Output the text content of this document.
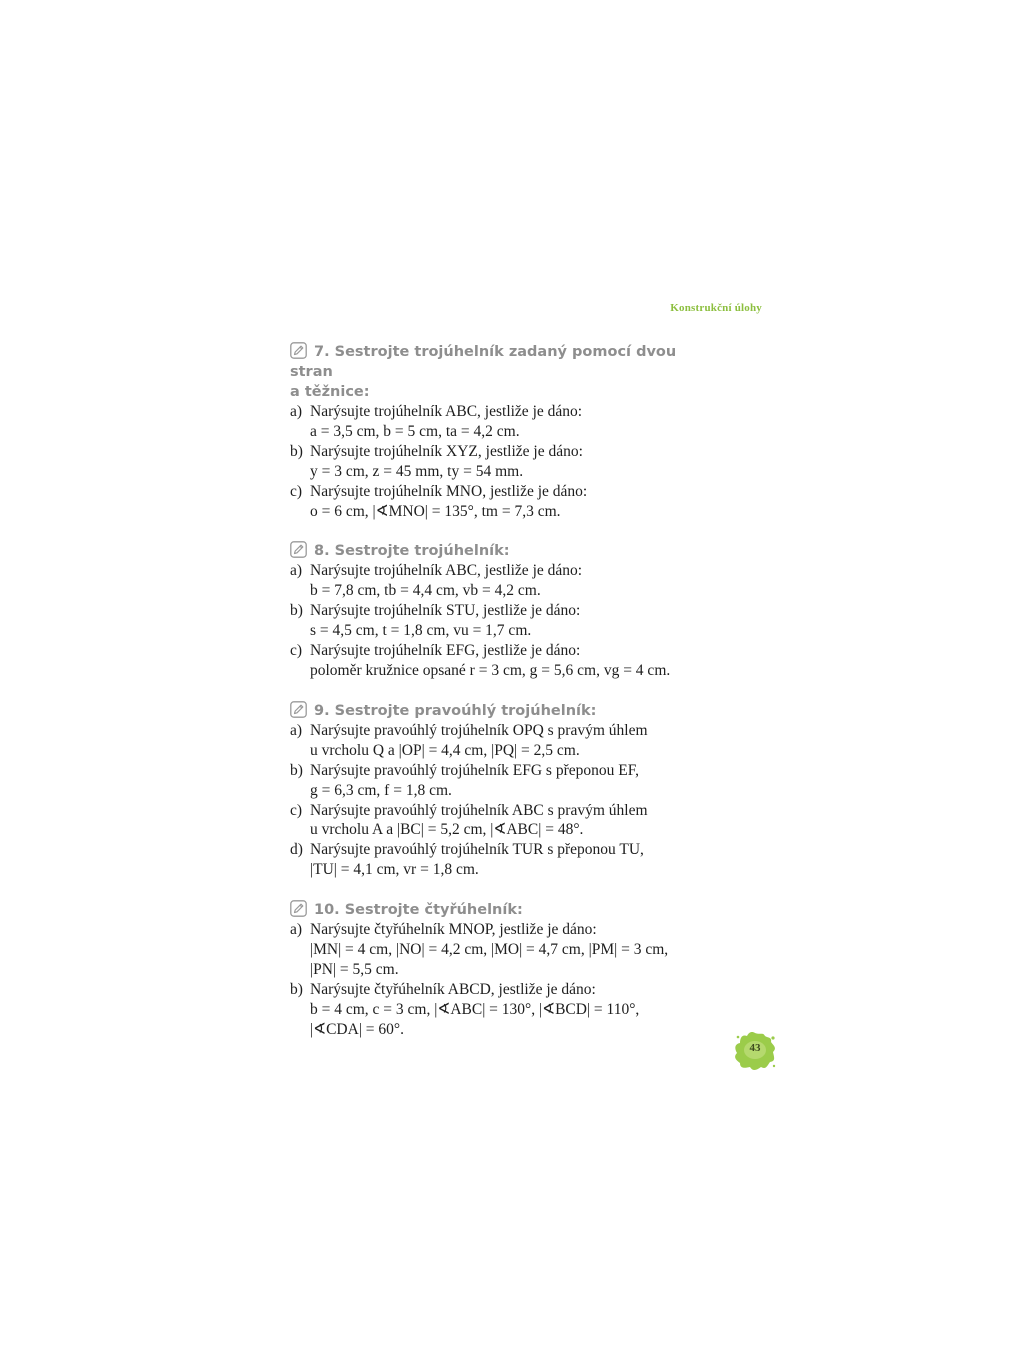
Konstrukční úlohy
7. Sestrojte trojúhelník zadaný pomocí dvou stran
a těžnice:
a) Narýsujte trojúhelník ABC, jestliže je dáno:
a = 3,5 cm, b = 5 cm, ta = 4,2 cm.
b) Narýsujte trojúhelník XYZ, jestliže je dáno:
y = 3 cm, z = 45 mm, ty = 54 mm.
c) Narýsujte trojúhelník MNO, jestliže je dáno:
o = 6 cm, |∢MNO| = 135°, tm = 7,3 cm.
8. Sestrojte trojúhelník:
a) Narýsujte trojúhelník ABC, jestliže je dáno:
b = 7,8 cm, tb = 4,4 cm, vb = 4,2 cm.
b) Narýsujte trojúhelník STU, jestliže je dáno:
s = 4,5 cm, t = 1,8 cm, vu = 1,7 cm.
c) Narýsujte trojúhelník EFG, jestliže je dáno:
poloměr kružnice opsané r = 3 cm, g = 5,6 cm, vg = 4 cm.
9. Sestrojte pravoúhlý trojúhelník:
a) Narýsujte pravoúhlý trojúhelník OPQ s pravým úhlem
u vrcholu Q a |OP| = 4,4 cm, |PQ| = 2,5 cm.
b) Narýsujte pravoúhlý trojúhelník EFG s přeponou EF,
g = 6,3 cm, f = 1,8 cm.
c) Narýsujte pravoúhlý trojúhelník ABC s pravým úhlem
u vrcholu A a |BC| = 5,2 cm, |∢ABC| = 48°.
d) Narýsujte pravoúhlý trojúhelník TUR s přeponou TU,
|TU| = 4,1 cm, vr = 1,8 cm.
10. Sestrojte čtyřúhelník:
a) Narýsujte čtyřúhelník MNOP, jestliže je dáno:
|MN| = 4 cm, |NO| = 4,2 cm, |MO| = 4,7 cm, |PM| = 3 cm,
|PN| = 5,5 cm.
b) Narýsujte čtyřúhelník ABCD, jestliže je dáno:
b = 4 cm, c = 3 cm, |∢ABC| = 130°, |∢BCD| = 110°,
|∢CDA| = 60°.
43
